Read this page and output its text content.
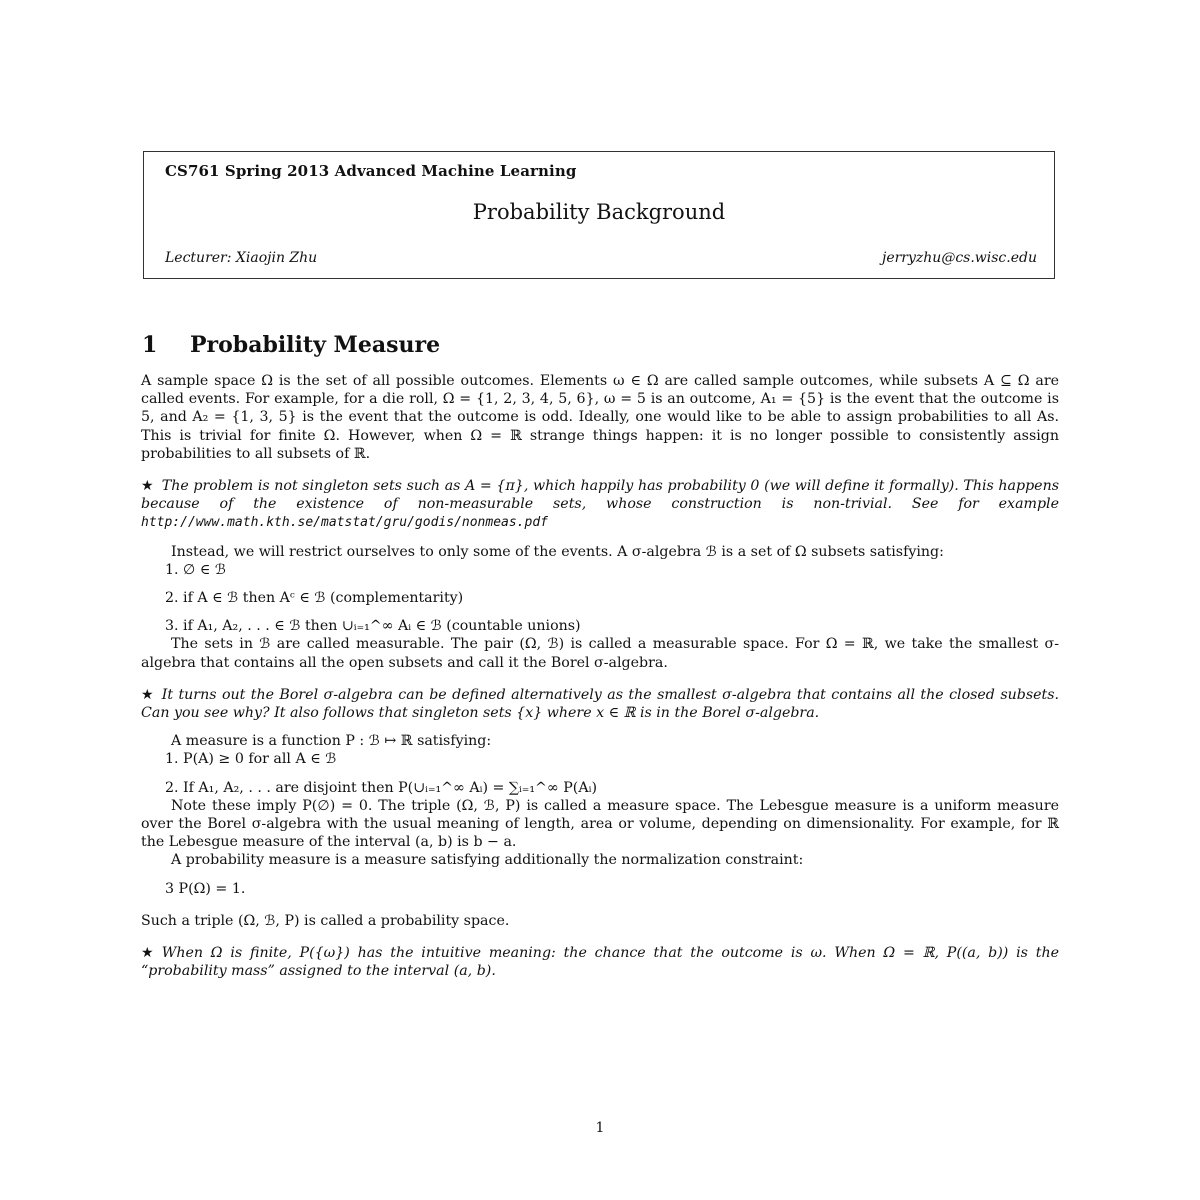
CS761 Spring 2013 Advanced Machine Learning
Probability Background
Lecturer: Xiaojin Zhu	jerryzhu@cs.wisc.edu
1 Probability Measure

A sample space Ω is the set of all possible outcomes. Elements ω ∈ Ω are called sample outcomes, while subsets A ⊆ Ω are called events. For example, for a die roll, Ω = {1, 2, 3, 4, 5, 6}, ω = 5 is an outcome, A₁ = {5} is the event that the outcome is 5, and A₂ = {1, 3, 5} is the event that the outcome is odd. Ideally, one would like to be able to assign probabilities to all As. This is trivial for finite Ω. However, when Ω = ℝ strange things happen: it is no longer possible to consistently assign probabilities to all subsets of ℝ.

★ The problem is not singleton sets such as A = {π}, which happily has probability 0 (we will define it formally). This happens because of the existence of non-measurable sets, whose construction is non-trivial. See for example http://www.math.kth.se/matstat/gru/godis/nonmeas.pdf

Instead, we will restrict ourselves to only some of the events. A σ-algebra ℬ is a set of Ω subsets satisfying:

1. ∅ ∈ ℬ

2. if A ∈ ℬ then Aᶜ ∈ ℬ (complementarity)

3. if A₁, A₂, . . . ∈ ℬ then ∪ᵢ₌₁^∞ Aᵢ ∈ ℬ (countable unions)

The sets in ℬ are called measurable. The pair (Ω, ℬ) is called a measurable space. For Ω = ℝ, we take the smallest σ-algebra that contains all the open subsets and call it the Borel σ-algebra.

★ It turns out the Borel σ-algebra can be defined alternatively as the smallest σ-algebra that contains all the closed subsets. Can you see why? It also follows that singleton sets {x} where x ∈ ℝ is in the Borel σ-algebra.

A measure is a function P : ℬ ↦ ℝ satisfying:

1. P(A) ≥ 0 for all A ∈ ℬ

2. If A₁, A₂, . . . are disjoint then P(∪ᵢ₌₁^∞ Aᵢ) = ∑ᵢ₌₁^∞ P(Aᵢ)

Note these imply P(∅) = 0. The triple (Ω, ℬ, P) is called a measure space. The Lebesgue measure is a uniform measure over the Borel σ-algebra with the usual meaning of length, area or volume, depending on dimensionality. For example, for ℝ the Lebesgue measure of the interval (a, b) is b − a.

A probability measure is a measure satisfying additionally the normalization constraint:

3 P(Ω) = 1.

Such a triple (Ω, ℬ, P) is called a probability space.

★ When Ω is finite, P({ω}) has the intuitive meaning: the chance that the outcome is ω. When Ω = ℝ, P((a, b)) is the “probability mass” assigned to the interval (a, b).

1
